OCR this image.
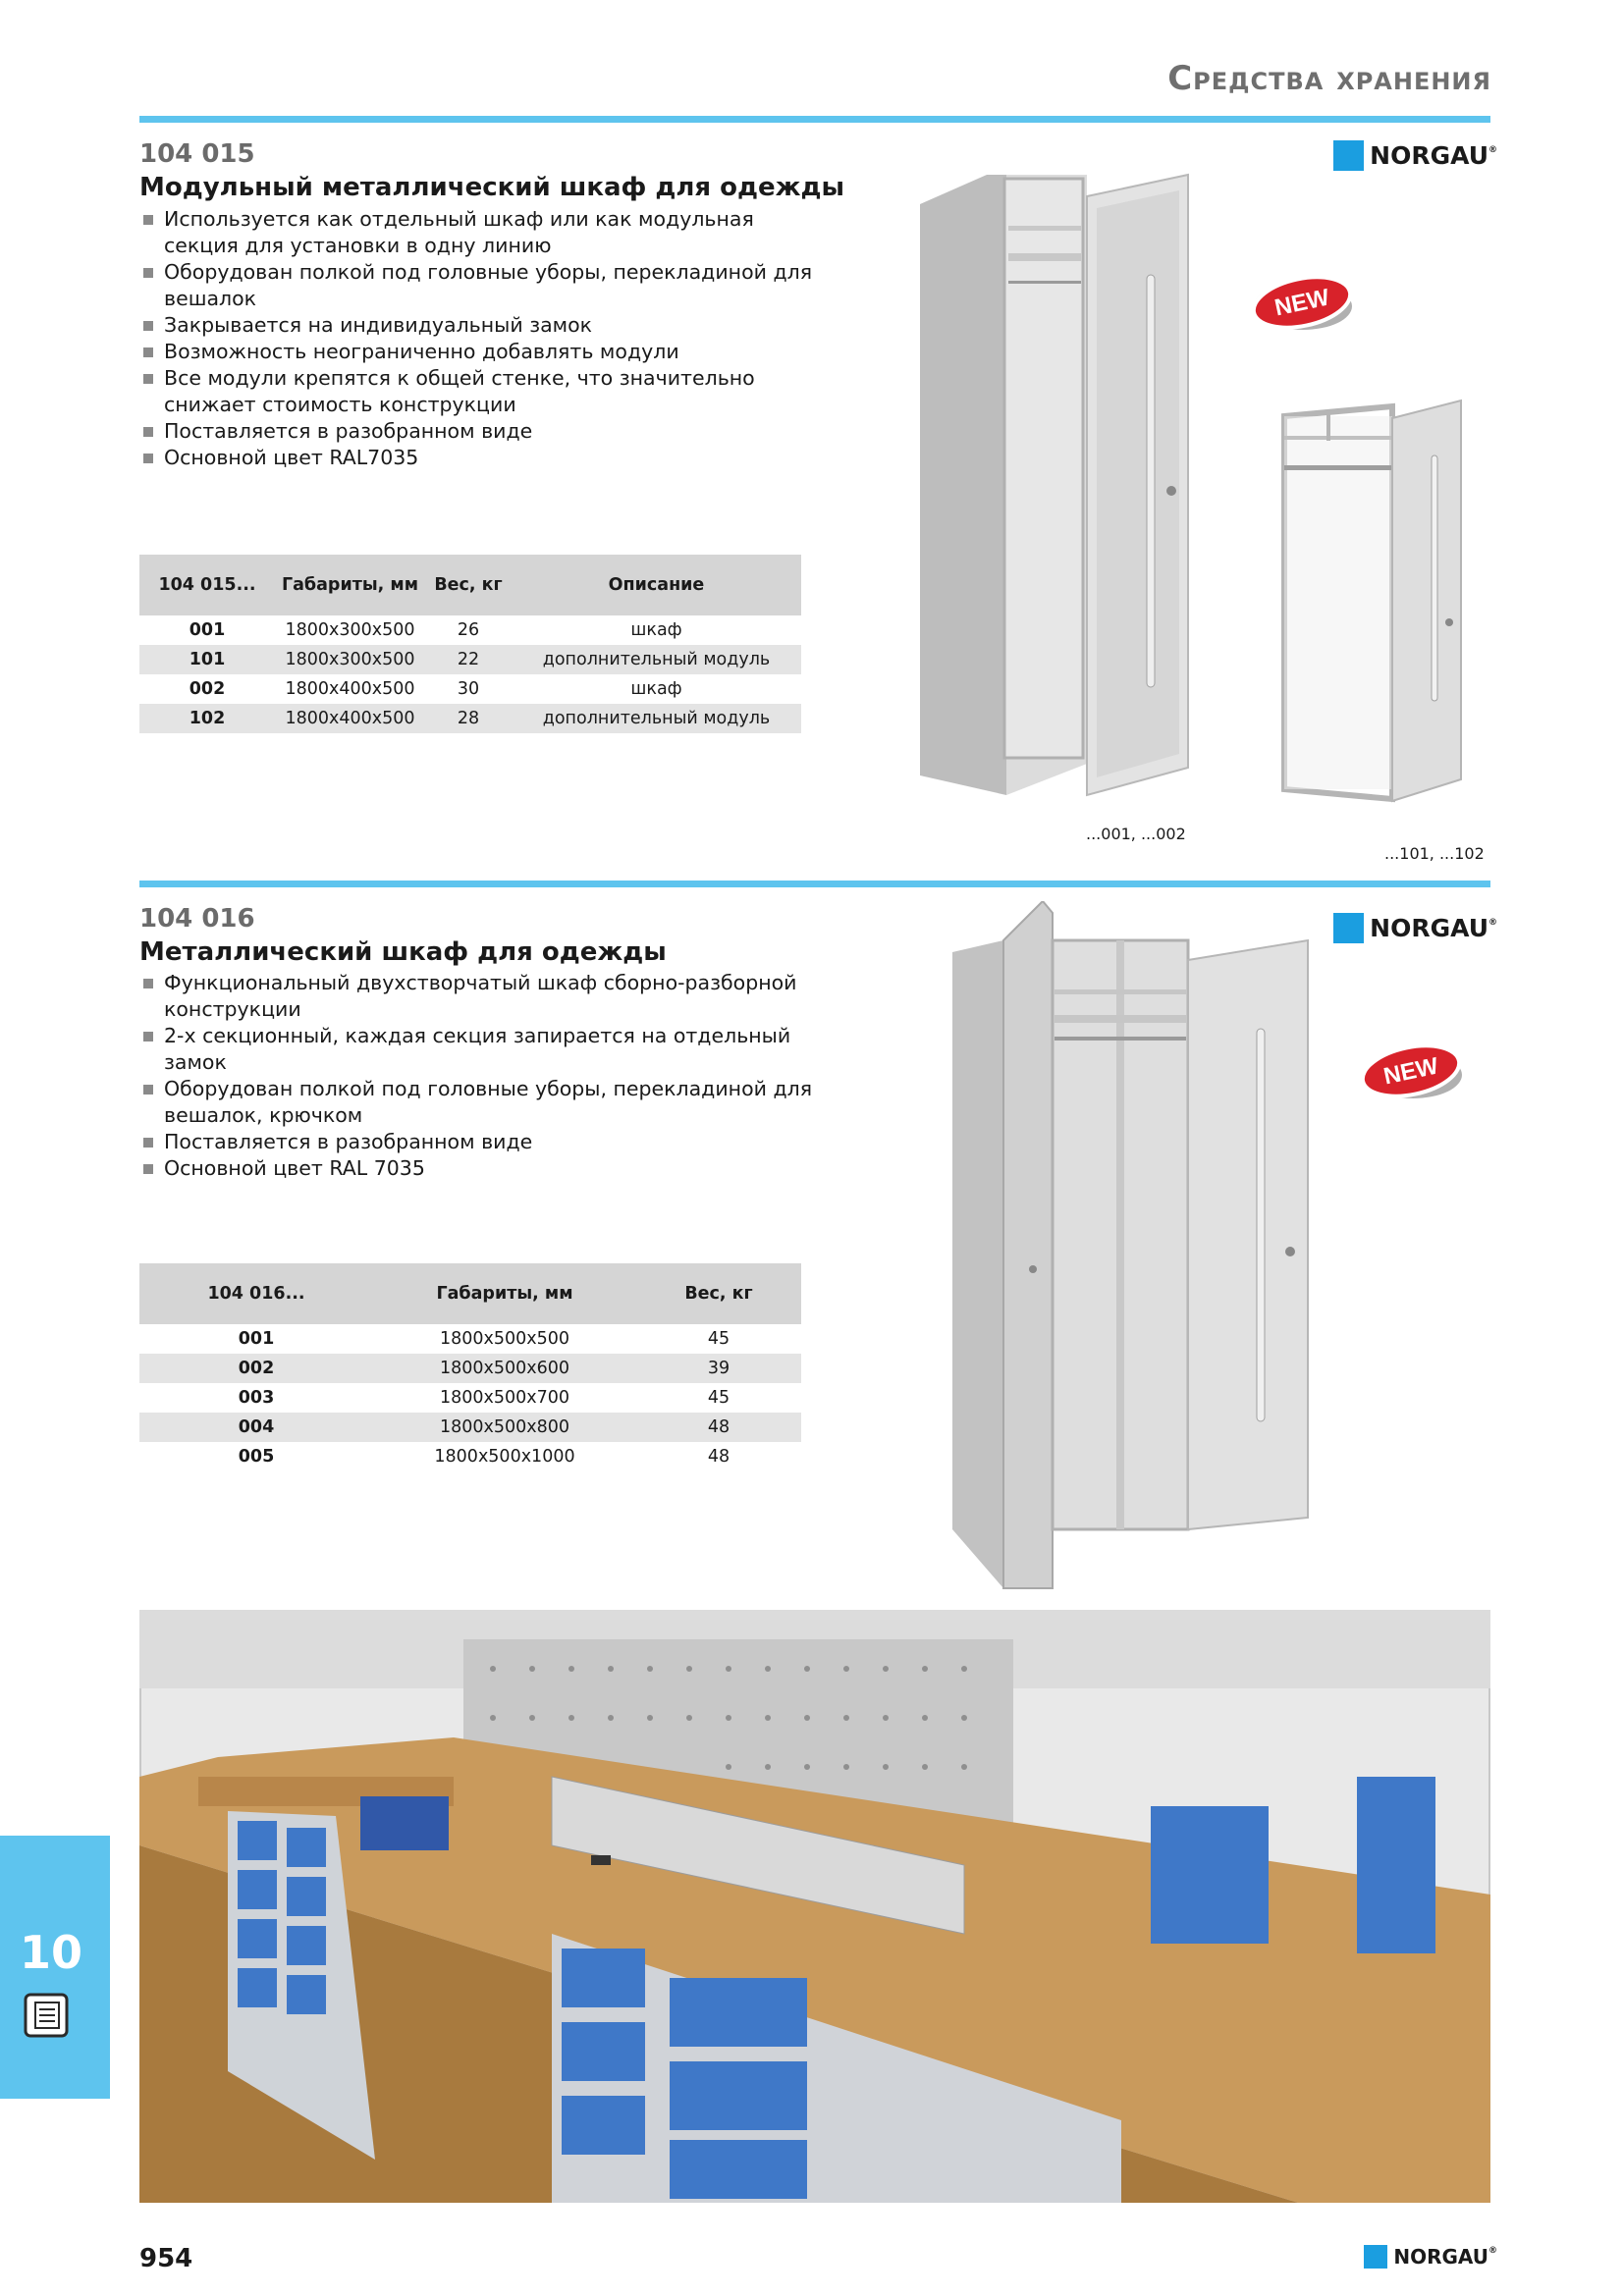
Средства хранения
104 015
Модульный металлический шкаф для одежды
NORGAU®
Используется как отдельный шкаф или как модульная секция для установки в одну линию
Оборудован полкой под головные уборы, перекладиной для вешалок
Закрывается на индивидуальный замок
Возможность неограниченно добавлять модули
Все модули крепятся к общей стенке, что значительно снижает стоимость конструкции
Поставляется в разобранном виде
Основной цвет RAL7035
104 015...	Габариты, мм	Вес, кг	Описание
001	1800x300x500	26	шкаф
101	1800x300x500	22	дополнительный модуль
002	1800x400x500	30	шкаф
102	1800x400x500	28	дополнительный модуль
NEW
...001, ...002
...101, ...102
104 016
Металлический шкаф для одежды
NORGAU®
Функциональный двухстворчатый шкаф сборно-разборной конструкции
2-х секционный, каждая секция запирается на отдельный замок
Оборудован полкой под головные уборы, перекладиной для вешалок, крючком
Поставляется в разобранном виде
Основной цвет RAL 7035
104 016...	Габариты, мм	Вес, кг
001	1800x500x500	45
002	1800x500x600	39
003	1800x500x700	45
004	1800x500x800	48
005	1800x500x1000	48
NEW
10
954	NORGAU®
